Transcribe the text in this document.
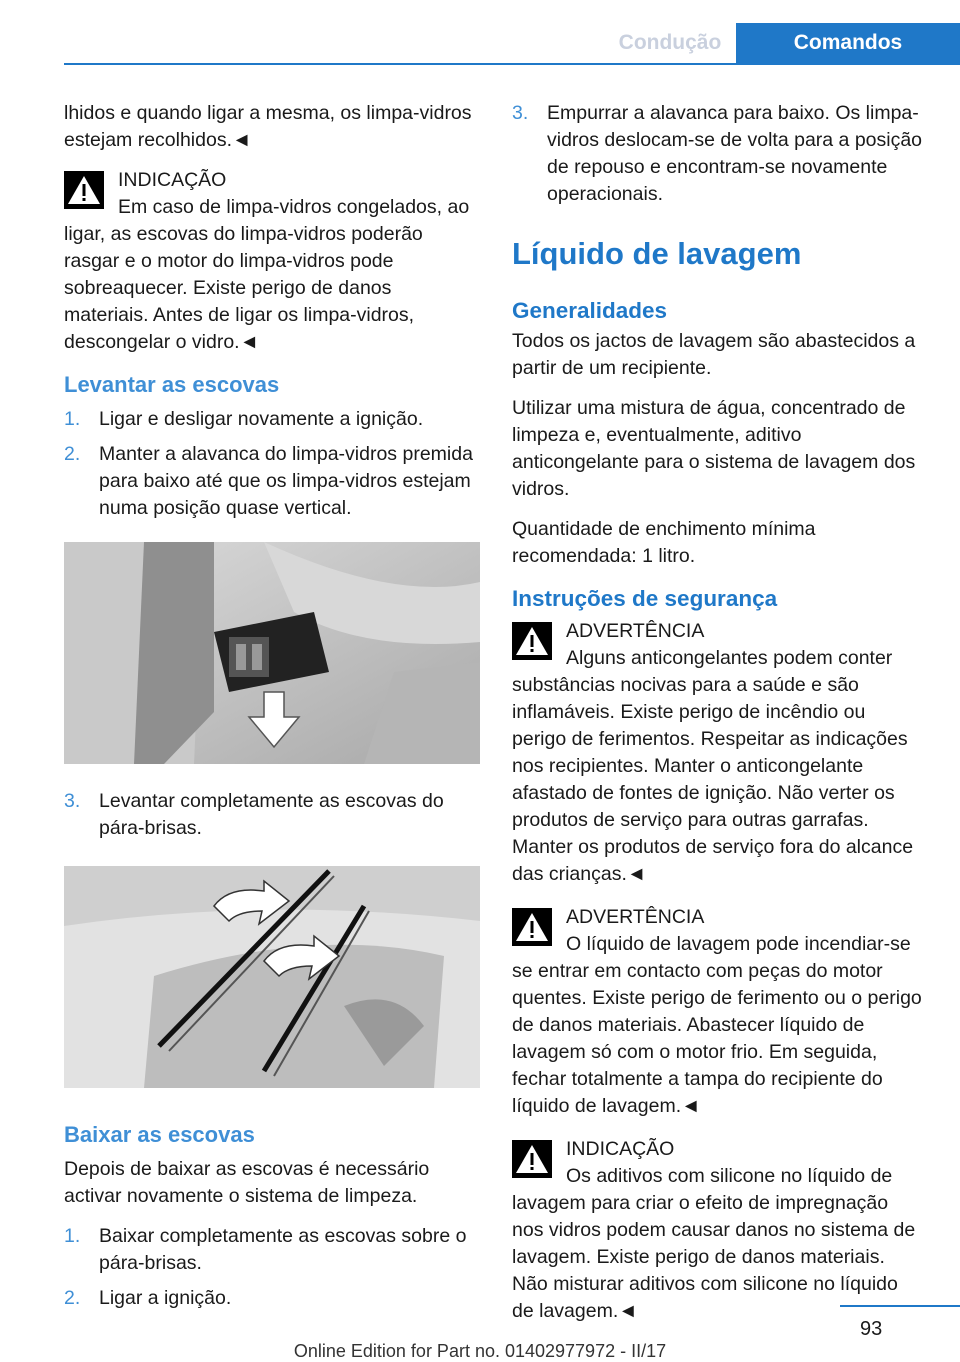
Condução	Comandos

lhidos e quando ligar a mesma, os limpa-vidros estejam recolhidos.◄

INDICAÇÃO
Em caso de limpa-vidros congelados, ao ligar, as escovas do limpa-vidros poderão rasgar e o motor do limpa-vidros pode sobreaquecer. Existe perigo de danos materiais. Antes de ligar os limpa-vidros, descongelar o vidro.◄
Levantar as escovas
1. Ligar e desligar novamente a ignição.
2. Manter a alavanca do limpa-vidros premida para baixo até que os limpa-vidros estejam numa posição quase vertical.
3. Levantar completamente as escovas do pára-brisas.
Baixar as escovas

Depois de baixar as escovas é necessário activar novamente o sistema de limpeza.

1. Baixar completamente as escovas sobre o pára-brisas.
2. Ligar a ignição.
3. Empurrar a alavanca para baixo. Os limpa-vidros deslocam-se de volta para a posição de repouso e encontram-se novamente operacionais.
Líquido de lavagem
Generalidades

Todos os jactos de lavagem são abastecidos a partir de um recipiente.

Utilizar uma mistura de água, concentrado de limpeza e, eventualmente, aditivo anticongelante para o sistema de lavagem dos vidros.

Quantidade de enchimento mínima recomendada: 1 litro.

Instruções de segurança
ADVERTÊNCIA
Alguns anticongelantes podem conter substâncias nocivas para a saúde e são inflamáveis. Existe perigo de incêndio ou perigo de ferimentos. Respeitar as indicações nos recipientes. Manter o anticongelante afastado de fontes de ignição. Não verter os produtos de serviço para outras garrafas. Manter os produtos de serviço fora do alcance das crianças.◄
ADVERTÊNCIA
O líquido de lavagem pode incendiar-se se entrar em contacto com peças do motor quentes. Existe perigo de ferimento ou o perigo de danos materiais. Abastecer líquido de lavagem só com o motor frio. Em seguida, fechar totalmente a tampa do recipiente do líquido de lavagem.◄
INDICAÇÃO
Os aditivos com silicone no líquido de lavagem para criar o efeito de impregnação nos vidros podem causar danos no sistema de lavagem. Existe perigo de danos materiais. Não misturar aditivos com silicone no líquido de lavagem.◄
93
Online Edition for Part no. 01402977972 - II/17
